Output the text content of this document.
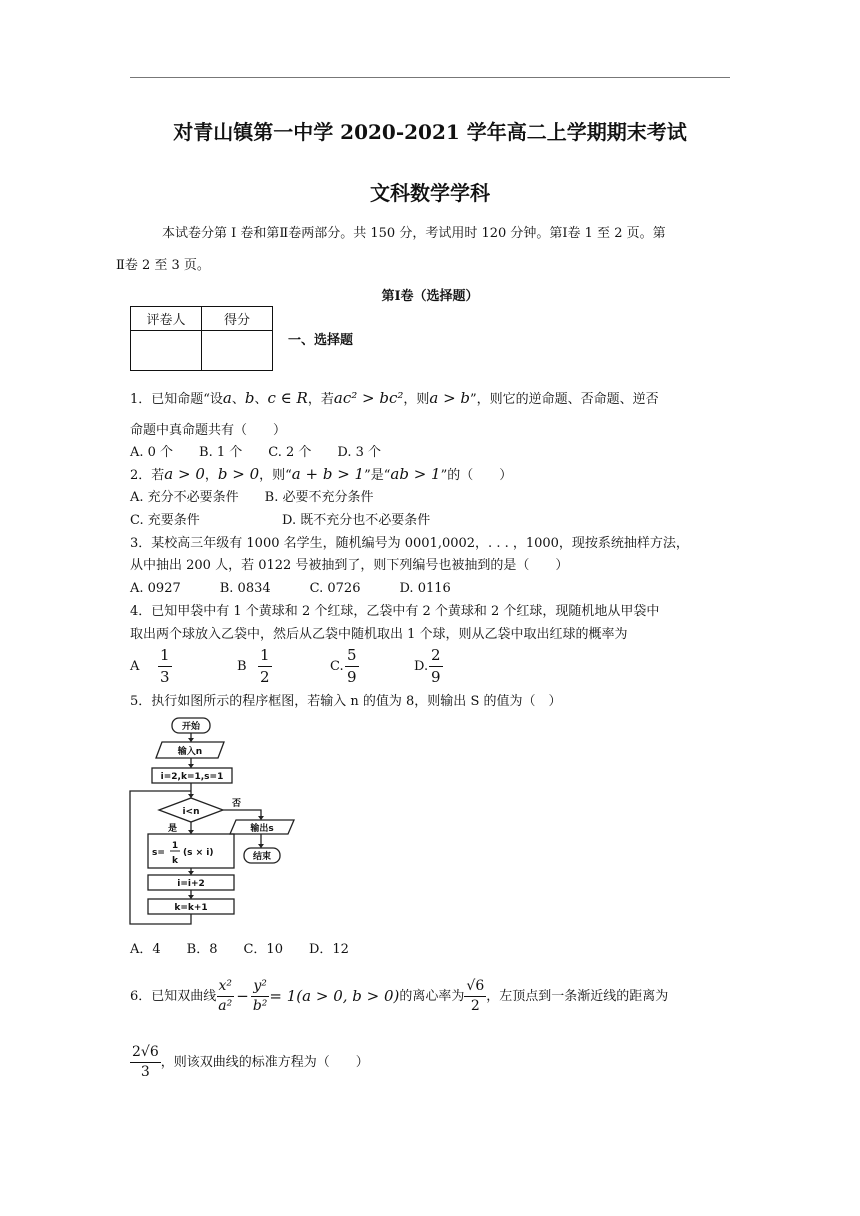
对青山镇第一中学 2020-2021 学年高二上学期期末考试
文科数学学科
本试卷分第 Ⅰ 卷和第Ⅱ卷两部分。共 150 分，考试用时 120 分钟。第Ⅰ卷 1 至 2 页。第
Ⅱ卷 2 至 3 页。
第Ⅰ卷（选择题）
评卷人	得分

一、选择题
1．已知命题“设a、b、c ∈ R，若ac² > bc²，则a > b”，则它的逆命题、否命题、逆否
命题中真命题共有（　　）
A. 0 个　　B. 1 个　　C. 2 个　　D. 3 个
2．若a > 0，b > 0，则“a + b > 1”是“ab > 1”的（　　）
A. 充分不必要条件　　B. 必要不充分条件
C. 充要条件	D. 既不充分也不必要条件
3．某校高三年级有 1000 名学生，随机编号为 0001,0002，. . . ，1000，现按系统抽样方法，
从中抽出 200 人，若 0122 号被抽到了，则下列编号也被抽到的是（　　）
A. 0927　　　B. 0834　　　C. 0726　　　D. 0116
4．已知甲袋中有 1 个黄球和 2 个红球，乙袋中有 2 个黄球和 2 个红球，现随机地从甲袋中
取出两个球放入乙袋中，然后从乙袋中随机取出 1 个球，则从乙袋中取出红球的概率为
A $\frac{1}{3}$	B $\frac{1}{2}$	C. $\frac{5}{9}$	D. $\frac{2}{9}$
5．执行如图所示的程序框图，若输入 n 的值为 8，则输出 S 的值为（　）
开始
输入n
i=2,k=1,s=1
i<n
否
是	输出s
结束
s=
1
k
(s × i)
i=i+2
k=k+1
A．4　　B．8　　C．10　　D．12
6．已知双曲线 $\frac{\text{x²}}{\text{a²}} - \frac{\text{y²}}{\text{b²}} = 1$ (a > 0, b > 0) 的离心率为 $\frac{√6}{2}$ ，左顶点到一条渐近线的距离为
$\frac{2√6}{3}$ ，则该双曲线的标准方程为（　　）
